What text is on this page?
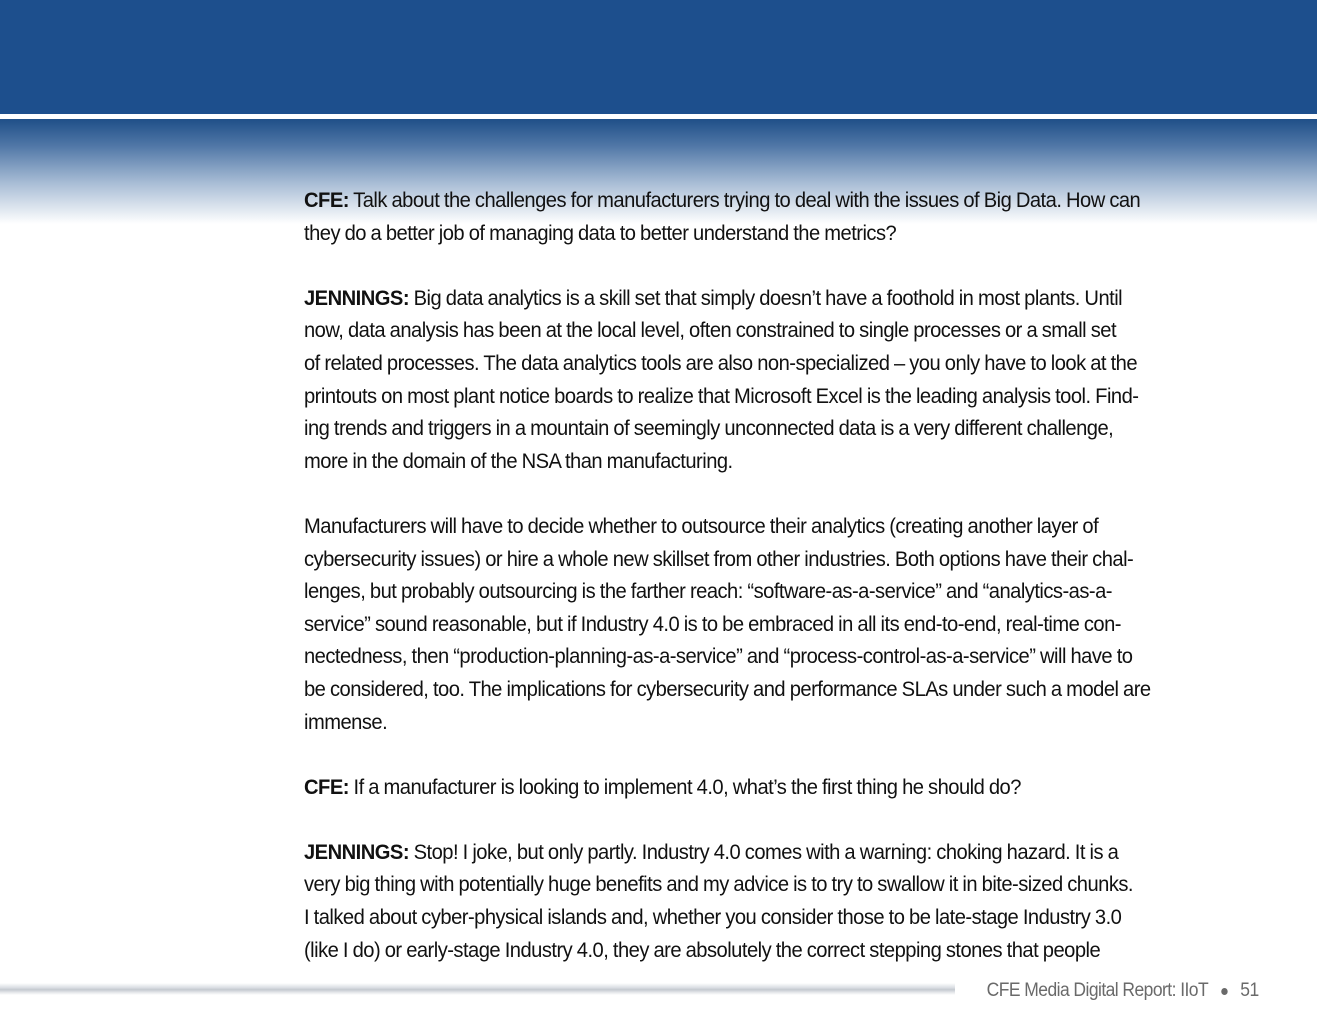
CFE: Talk about the challenges for manufacturers trying to deal with the issues of Big Data. How can
they do a better job of managing data to better understand the metrics?

JENNINGS: Big data analytics is a skill set that simply doesn’t have a foothold in most plants. Until
now, data analysis has been at the local level, often constrained to single processes or a small set
of related processes. The data analytics tools are also non-specialized – you only have to look at the
printouts on most plant notice boards to realize that Microsoft Excel is the leading analysis tool. Find-
ing trends and triggers in a mountain of seemingly unconnected data is a very different challenge,
more in the domain of the NSA than manufacturing.

Manufacturers will have to decide whether to outsource their analytics (creating another layer of
cybersecurity issues) or hire a whole new skillset from other industries. Both options have their chal-
lenges, but probably outsourcing is the farther reach: “software-as-a-service” and “analytics-as-a-
service” sound reasonable, but if Industry 4.0 is to be embraced in all its end-to-end, real-time con-
nectedness, then “production-planning-as-a-service” and “process-control-as-a-service” will have to
be considered, too. The implications for cybersecurity and performance SLAs under such a model are
immense.

CFE: If a manufacturer is looking to implement 4.0, what’s the first thing he should do?

JENNINGS: Stop! I joke, but only partly. Industry 4.0 comes with a warning: choking hazard. It is a
very big thing with potentially huge benefits and my advice is to try to swallow it in bite-sized chunks.
I talked about cyber-physical islands and, whether you consider those to be late-stage Industry 3.0
(like I do) or early-stage Industry 4.0, they are absolutely the correct stepping stones that people

CFE Media Digital Report: IIoT 51
